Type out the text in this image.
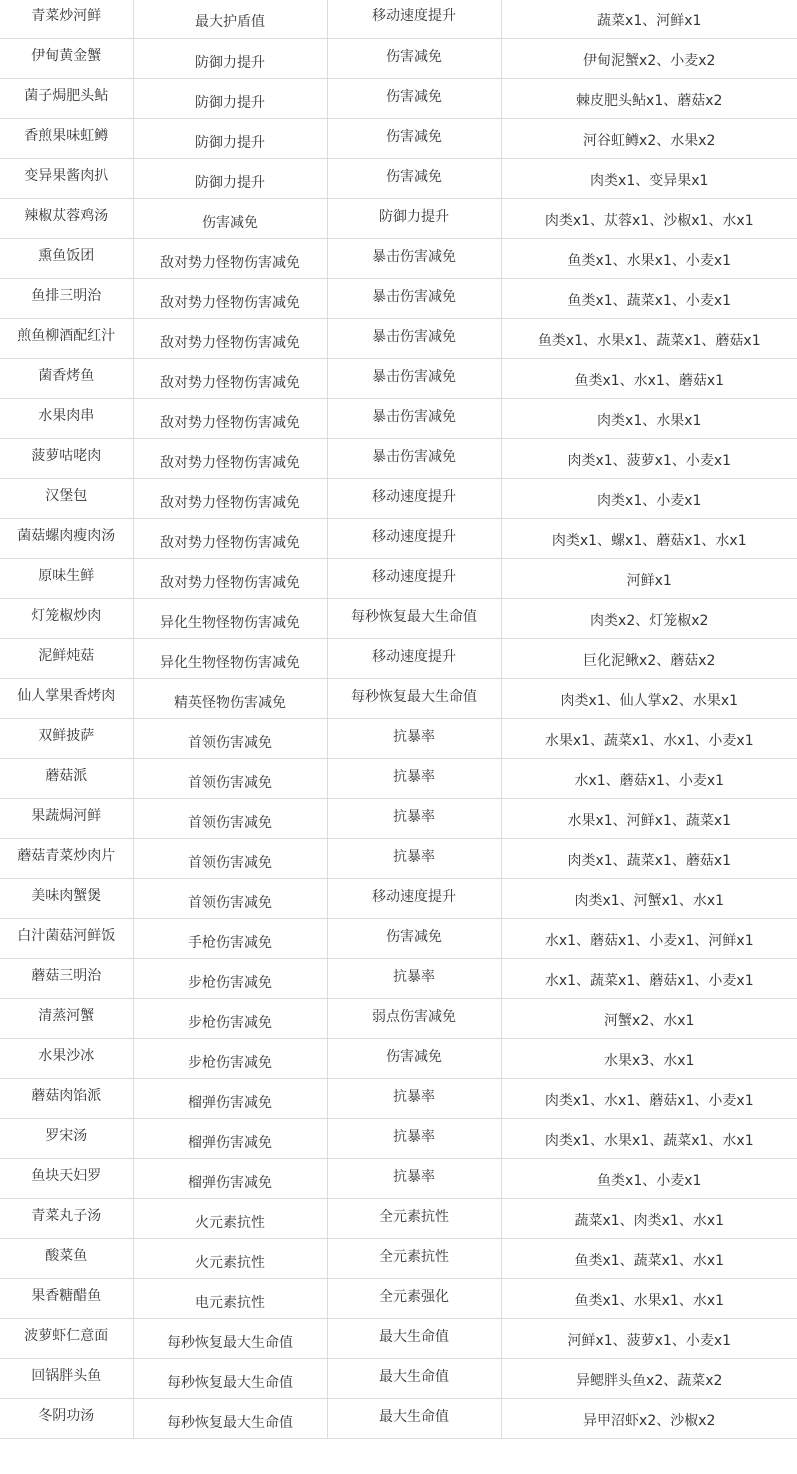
青菜炒河鲜	最大护盾值	移动速度提升	蔬菜x1、河鲜x1
伊甸黄金蟹	防御力提升	伤害减免	伊甸泥蟹x2、小麦x2
菌子焗肥头鲇	防御力提升	伤害减免	棘皮肥头鲇x1、蘑菇x2
香煎果味虹鳟	防御力提升	伤害减免	河谷虹鳟x2、水果x2
变异果酱肉扒	防御力提升	伤害减免	肉类x1、变异果x1
辣椒苁蓉鸡汤	伤害减免	防御力提升	肉类x1、苁蓉x1、沙椒x1、水x1
熏鱼饭团	敌对势力怪物伤害减免	暴击伤害减免	鱼类x1、水果x1、小麦x1
鱼排三明治	敌对势力怪物伤害减免	暴击伤害减免	鱼类x1、蔬菜x1、小麦x1
煎鱼柳酒配红汁	敌对势力怪物伤害减免	暴击伤害减免	鱼类x1、水果x1、蔬菜x1、蘑菇x1
菌香烤鱼	敌对势力怪物伤害减免	暴击伤害减免	鱼类x1、水x1、蘑菇x1
水果肉串	敌对势力怪物伤害减免	暴击伤害减免	肉类x1、水果x1
菠萝咕咾肉	敌对势力怪物伤害减免	暴击伤害减免	肉类x1、菠萝x1、小麦x1
汉堡包	敌对势力怪物伤害减免	移动速度提升	肉类x1、小麦x1
菌菇螺肉瘦肉汤	敌对势力怪物伤害减免	移动速度提升	肉类x1、螺x1、蘑菇x1、水x1
原味生鲜	敌对势力怪物伤害减免	移动速度提升	河鲜x1
灯笼椒炒肉	异化生物怪物伤害减免	每秒恢复最大生命值	肉类x2、灯笼椒x2
泥鲜炖菇	异化生物怪物伤害减免	移动速度提升	巨化泥鳅x2、蘑菇x2
仙人掌果香烤肉	精英怪物伤害减免	每秒恢复最大生命值	肉类x1、仙人掌x2、水果x1
双鲜披萨	首领伤害减免	抗暴率	水果x1、蔬菜x1、水x1、小麦x1
蘑菇派	首领伤害减免	抗暴率	水x1、蘑菇x1、小麦x1
果蔬焗河鲜	首领伤害减免	抗暴率	水果x1、河鲜x1、蔬菜x1
蘑菇青菜炒肉片	首领伤害减免	抗暴率	肉类x1、蔬菜x1、蘑菇x1
美味肉蟹煲	首领伤害减免	移动速度提升	肉类x1、河蟹x1、水x1
白汁菌菇河鲜饭	手枪伤害减免	伤害减免	水x1、蘑菇x1、小麦x1、河鲜x1
蘑菇三明治	步枪伤害减免	抗暴率	水x1、蔬菜x1、蘑菇x1、小麦x1
清蒸河蟹	步枪伤害减免	弱点伤害减免	河蟹x2、水x1
水果沙冰	步枪伤害减免	伤害减免	水果x3、水x1
蘑菇肉馅派	榴弹伤害减免	抗暴率	肉类x1、水x1、蘑菇x1、小麦x1
罗宋汤	榴弹伤害减免	抗暴率	肉类x1、水果x1、蔬菜x1、水x1
鱼块天妇罗	榴弹伤害减免	抗暴率	鱼类x1、小麦x1
青菜丸子汤	火元素抗性	全元素抗性	蔬菜x1、肉类x1、水x1
酸菜鱼	火元素抗性	全元素抗性	鱼类x1、蔬菜x1、水x1
果香糖醋鱼	电元素抗性	全元素强化	鱼类x1、水果x1、水x1
波萝虾仁意面	每秒恢复最大生命值	最大生命值	河鲜x1、菠萝x1、小麦x1
回锅胖头鱼	每秒恢复最大生命值	最大生命值	异鳃胖头鱼x2、蔬菜x2
冬阴功汤	每秒恢复最大生命值	最大生命值	异甲沼虾x2、沙椒x2
